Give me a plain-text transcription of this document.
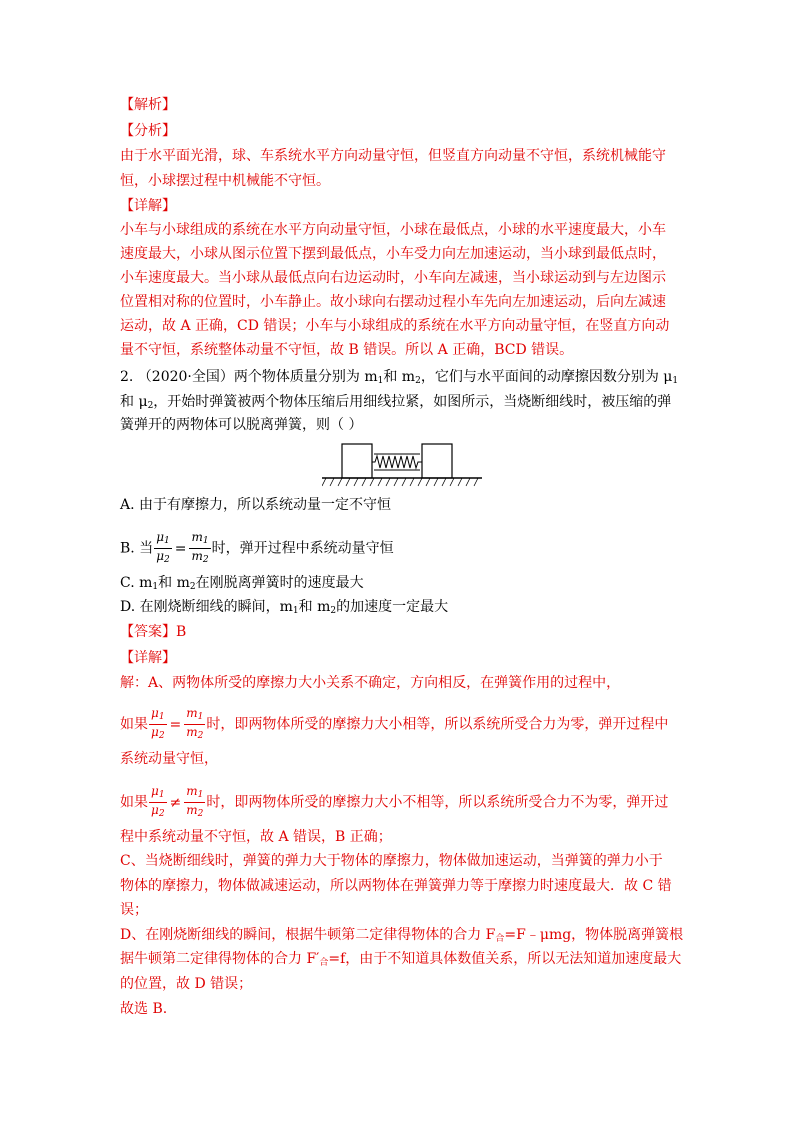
【解析】
【分析】
由于水平面光滑，球、车系统水平方向动量守恒，但竖直方向动量不守恒，系统机械能守
恒，小球摆过程中机械能不守恒。
【详解】
小车与小球组成的系统在水平方向动量守恒，小球在最低点，小球的水平速度最大，小车
速度最大，小球从图示位置下摆到最低点，小车受力向左加速运动，当小球到最低点时，
小车速度最大。当小球从最低点向右边运动时，小车向左减速，当小球运动到与左边图示
位置相对称的位置时，小车静止。故小球向右摆动过程小车先向左加速运动，后向左减速
运动，故 A 正确，CD 错误；小车与小球组成的系统在水平方向动量守恒，在竖直方向动
量不守恒，系统整体动量不守恒，故 B 错误。所以 A 正确，BCD 错误。
2. （2020·全国）两个物体质量分别为 $m_1$和 $m_2$，它们与水平面间的动摩擦因数分别为 $\mu_1$
和 $\mu_2$，开始时弹簧被两个物体压缩后用细线拉紧，如图所示，当烧断细线时，被压缩的弹
簧弹开的两物体可以脱离弹簧，则（ ）
A. 由于有摩擦力，所以系统动量一定不守恒
B. 当 $\frac{\mu_1}{\mu_2} = \frac{m_1}{m_2}$ 时，弹开过程中系统动量守恒
C. $m_1$和 $m_2$在刚脱离弹簧时的速度最大
D. 在刚烧断细线的瞬间，$m_1$和 $m_2$的加速度一定最大
【答案】B
【详解】
解：A、两物体所受的摩擦力大小关系不确定，方向相反，在弹簧作用的过程中，
如果 $\frac{\mu_1}{\mu_2} = \frac{m_1}{m_2}$ 时，即两物体所受的摩擦力大小相等，所以系统所受合力为零，弹开过程中
系统动量守恒，
如果 $\frac{\mu_1}{\mu_2} \ne \frac{m_1}{m_2}$ 时，即两物体所受的摩擦力大小不相等，所以系统所受合力不为零，弹开过
程中系统动量不守恒，故 A 错误，B 正确；
C、当烧断细线时，弹簧的弹力大于物体的摩擦力，物体做加速运动，当弹簧的弹力小于
物体的摩擦力，物体做减速运动，所以两物体在弹簧弹力等于摩擦力时速度最大．故 C 错
误；
D、在刚烧断细线的瞬间，根据牛顿第二定律得物体的合力 $F_合=F﹣\mu mg$，物体脱离弹簧根
据牛顿第二定律得物体的合力 $F'_合=f$，由于不知道具体数值关系，所以无法知道加速度最大
的位置，故 D 错误；
故选 B.
